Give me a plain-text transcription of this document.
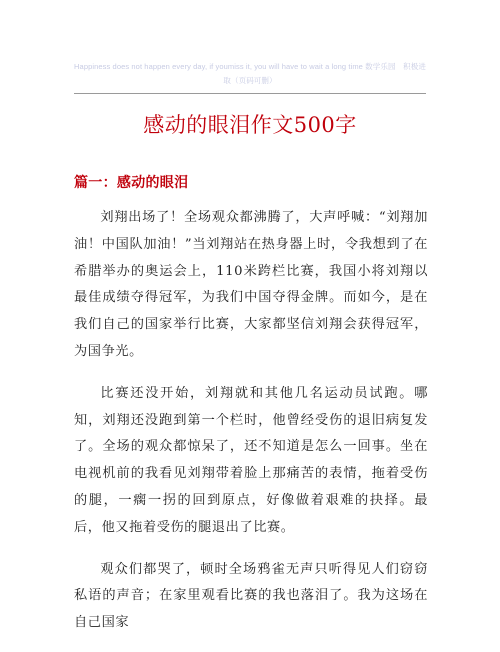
Happiness does not happen every day, if youmiss it, you will have to wait a long time 数学乐园　积极进取（页码可删）
感动的眼泪作文500字
篇一：感动的眼泪

刘翔出场了！全场观众都沸腾了，大声呼喊：“刘翔加油！中国队加油！”当刘翔站在热身器上时，令我想到了在希腊举办的奥运会上，110米跨栏比赛，我国小将刘翔以最佳成绩夺得冠军，为我们中国夺得金牌。而如今，是在我们自己的国家举行比赛，大家都坚信刘翔会获得冠军，为国争光。

比赛还没开始，刘翔就和其他几名运动员试跑。哪知，刘翔还没跑到第一个栏时，他曾经受伤的退旧病复发了。全场的观众都惊呆了，还不知道是怎么一回事。坐在电视机前的我看见刘翔带着脸上那痛苦的表情，拖着受伤的腿，一瘸一拐的回到原点，好像做着艰难的抉择。最后，他又拖着受伤的腿退出了比赛。

观众们都哭了，顿时全场鸦雀无声只听得见人们窃窃私语的声音；在家里观看比赛的我也落泪了。我为这场在自己国家
